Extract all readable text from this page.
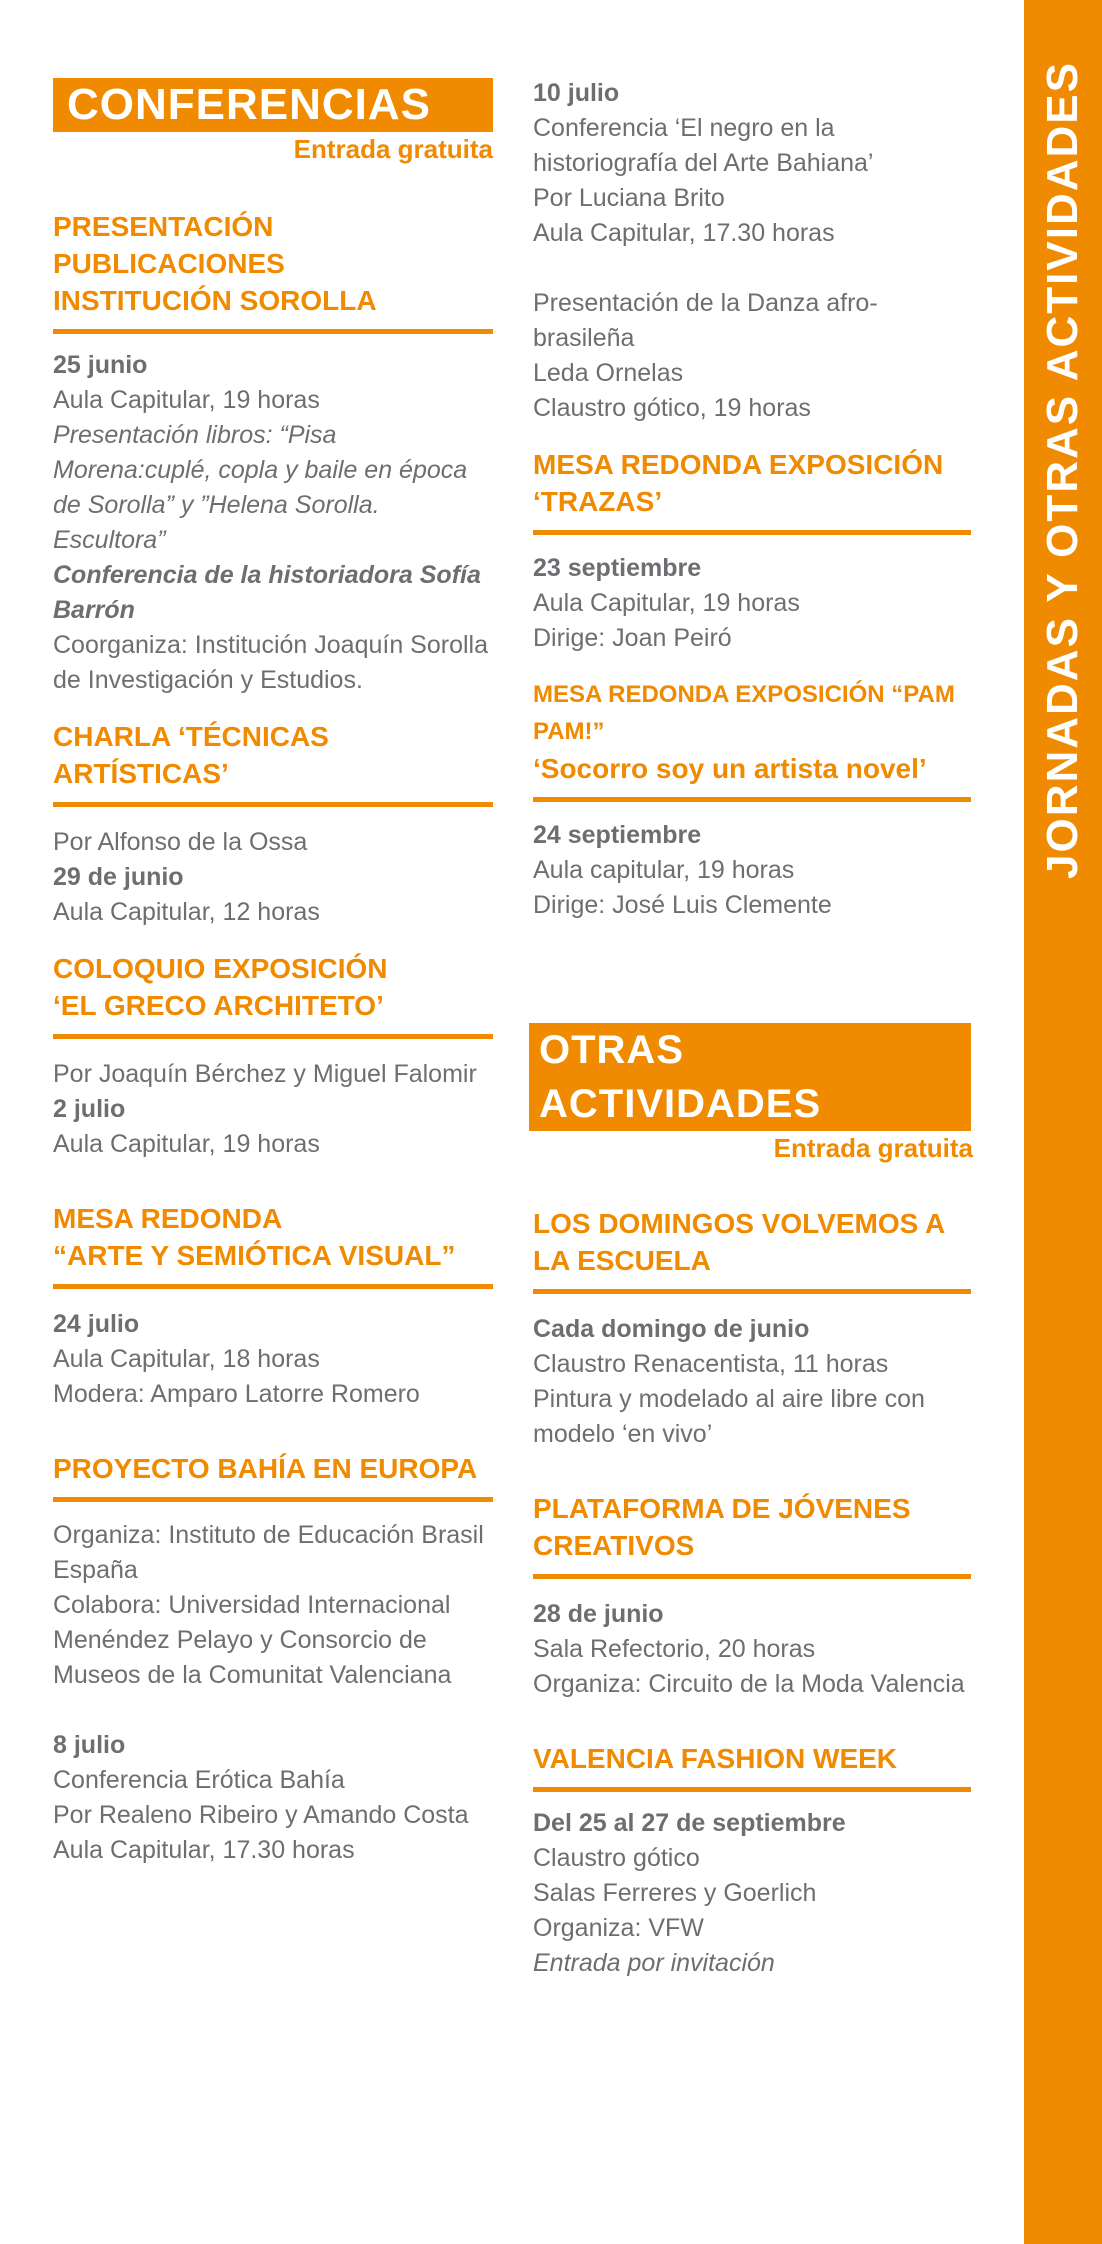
JORNADAS Y OTRAS ACTIVIDADES
CONFERENCIAS
Entrada gratuita
PRESENTACIÓN PUBLICACIONES
INSTITUCIÓN SOROLLA

25 junio

Aula Capitular, 19 horas

Presentación libros: “Pisa Morena:cuplé, copla y baile en época de Sorolla” y ”Helena Sorolla. Escultora”

Conferencia de la historiadora Sofía Barrón

Coorganiza: Institución Joaquín Sorolla de Investigación y Estudios.

CHARLA ‘TÉCNICAS
ARTÍSTICAS’

Por Alfonso de la Ossa

29 de junio

Aula Capitular, 12 horas

COLOQUIO EXPOSICIÓN
‘EL GRECO ARCHITETO’

Por Joaquín Bérchez y Miguel Falomir

2 julio

Aula Capitular, 19 horas

MESA REDONDA
“ARTE Y SEMIÓTICA VISUAL”

24 julio

Aula Capitular, 18 horas

Modera: Amparo Latorre Romero

PROYECTO BAHÍA EN EUROPA

Organiza: Instituto de Educación Brasil España

Colabora: Universidad Internacional Menéndez Pelayo y Consorcio de Museos de la Comunitat Valenciana

8 julio

Conferencia Erótica Bahía

Por Realeno Ribeiro y Amando Costa

Aula Capitular, 17.30 horas

10 julio

Conferencia ‘El negro en la historiografía del Arte Bahiana’

Por Luciana Brito

Aula Capitular, 17.30 horas

Presentación de la Danza afro-brasileña

Leda Ornelas

Claustro gótico, 19 horas

MESA REDONDA EXPOSICIÓN
‘TRAZAS’

23 septiembre

Aula Capitular, 19 horas

Dirige: Joan Peiró

MESA REDONDA EXPOSICIÓN “PAM PAM!”
‘Socorro soy un artista novel’

24 septiembre

Aula capitular, 19 horas

Dirige: José Luis Clemente

OTRAS ACTIVIDADES
Entrada gratuita
LOS DOMINGOS VOLVEMOS A
LA ESCUELA

Cada domingo de junio

Claustro Renacentista, 11 horas

Pintura y modelado al aire libre con modelo ‘en vivo’

PLATAFORMA DE JÓVENES
CREATIVOS

28 de junio

Sala Refectorio, 20 horas

Organiza: Circuito de la Moda Valencia

VALENCIA FASHION WEEK

Del 25 al 27 de septiembre

Claustro gótico

Salas Ferreres y Goerlich

Organiza: VFW

Entrada por invitación
